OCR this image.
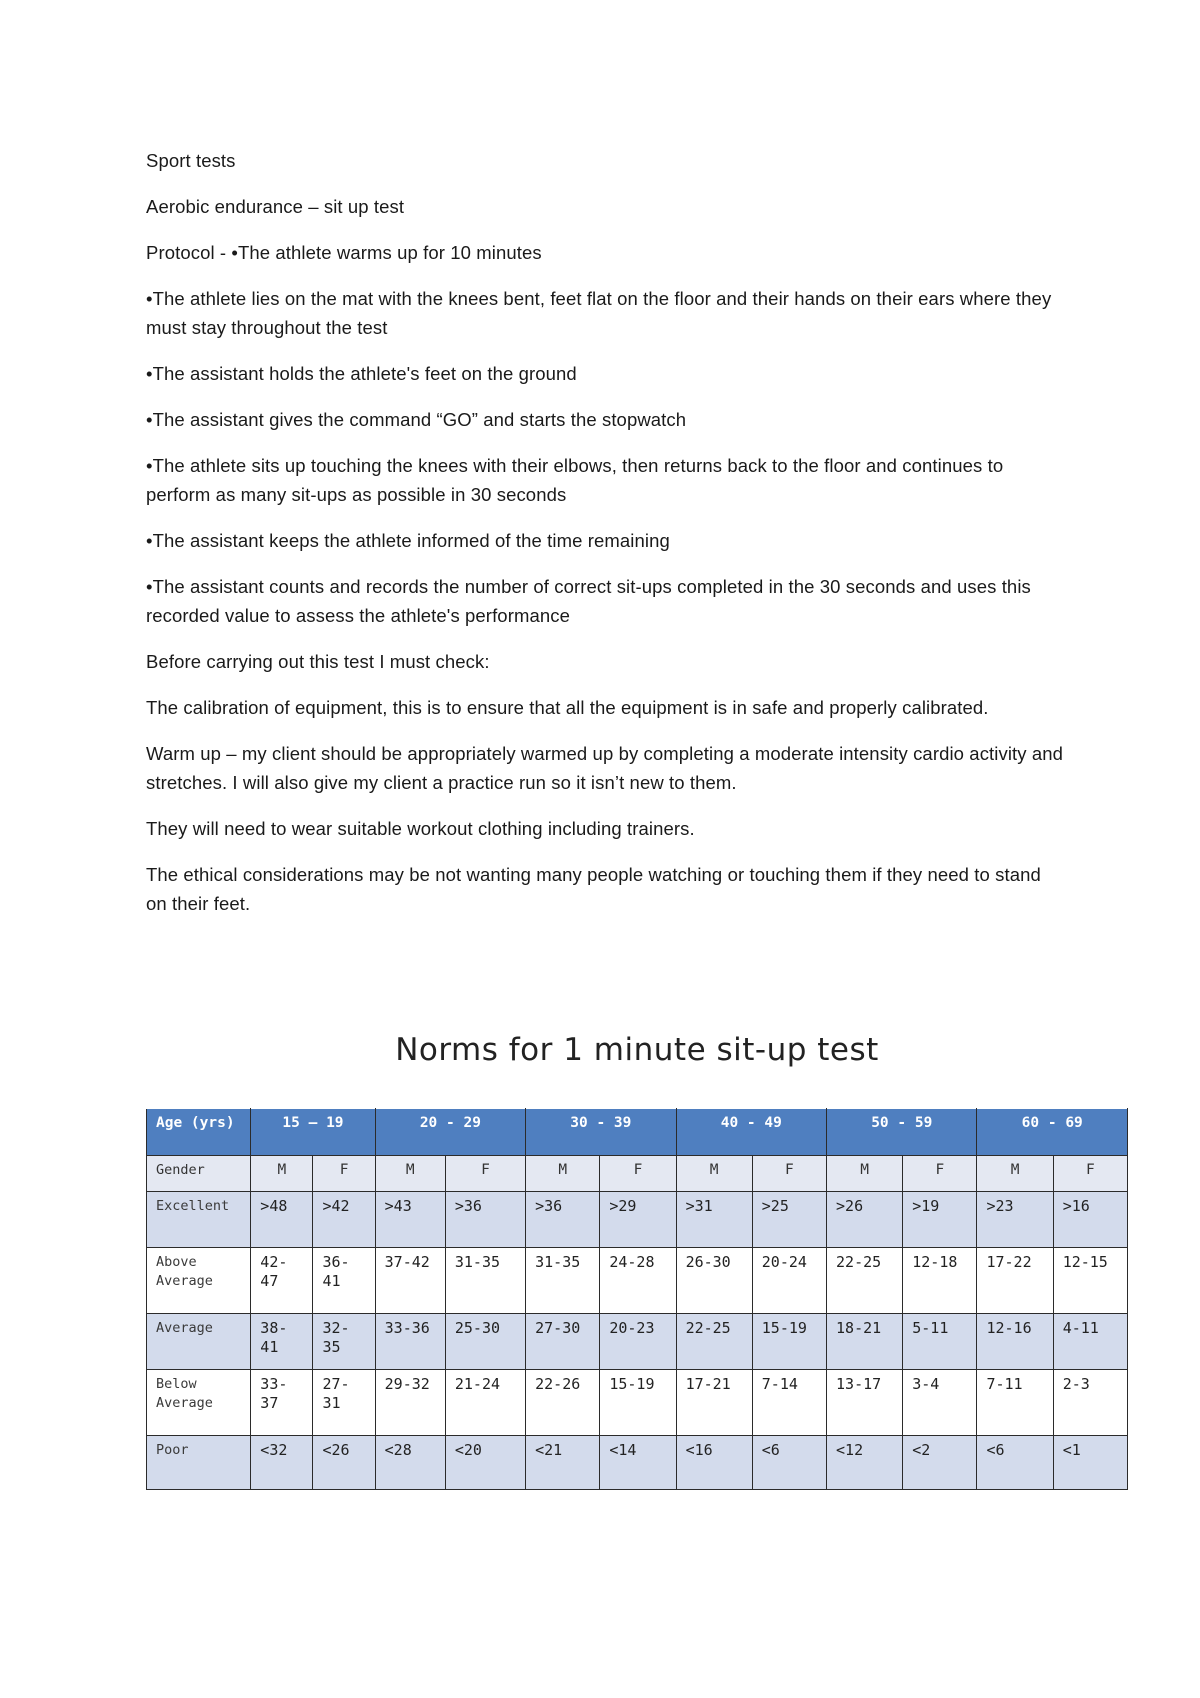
Sport tests

Aerobic endurance – sit up test

Protocol - •The athlete warms up for 10 minutes

•The athlete lies on the mat with the knees bent, feet flat on the floor and their hands on their ears where they must stay throughout the test

•The assistant holds the athlete's feet on the ground

•The assistant gives the command “GO” and starts the stopwatch

•The athlete sits up touching the knees with their elbows, then returns back to the floor and continues to perform as many sit-ups as possible in 30 seconds

•The assistant keeps the athlete informed of the time remaining

•The assistant counts and records the number of correct sit-ups completed in the 30 seconds and uses this recorded value to assess the athlete's performance

Before carrying out this test I must check:

The calibration of equipment, this is to ensure that all the equipment is in safe and properly calibrated.

Warm up – my client should be appropriately warmed up by completing a moderate intensity cardio activity and stretches. I will also give my client a practice run so it isn’t new to them.

They will need to wear suitable workout clothing including trainers.

The ethical considerations may be not wanting many people watching or touching them if they need to stand on their feet.

Norms for 1 minute sit-up test
Age (yrs)	15 – 19		20 - 29		30 - 39		40 - 49		50 - 59		60 - 69	
Gender	M	F	M	F	M	F	M	F	M	F	M	F
Excellent	>48	>42	>43	>36	>36	>29	>31	>25	>26	>19	>23	>16
Above Average	42-47	36-41	37-42	31-35	31-35	24-28	26-30	20-24	22-25	12-18	17-22	12-15
Average	38-41	32-35	33-36	25-30	27-30	20-23	22-25	15-19	18-21	5-11	12-16	4-11
Below Average	33-37	27-31	29-32	21-24	22-26	15-19	17-21	7-14	13-17	3-4	7-11	2-3
Poor	<32	<26	<28	<20	<21	<14	<16	<6	<12	<2	<6	<1
